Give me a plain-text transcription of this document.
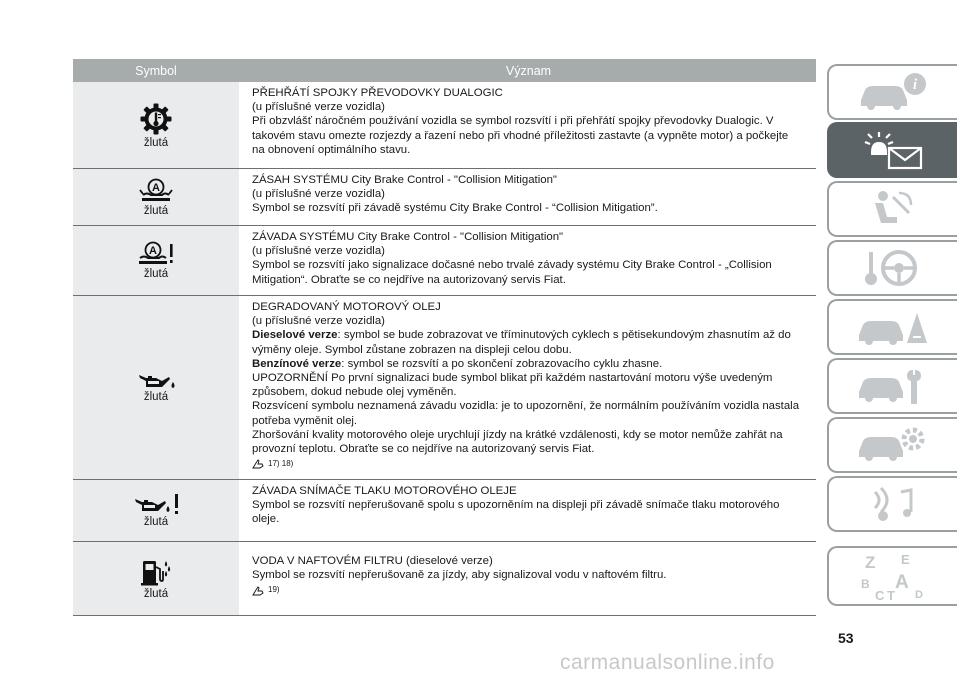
Symbol	Význam
žlutá
PŘEHŘÁTÍ SPOJKY PŘEVODOVKY DUALOGIC
(u příslušné verze vozidla)
Při obzvlášť náročném používání vozidla se symbol rozsvítí i při přehřátí spojky převodovky Dualogic. V
takovém stavu omezte rozjezdy a řazení nebo při vhodné příležitosti zastavte (a vypněte motor) a počkejte
na obnovení optimálního stavu.
A
žlutá
ZÁSAH SYSTÉMU City Brake Control - "Collision Mitigation"
(u příslušné verze vozidla)
Symbol se rozsvítí při závadě systému City Brake Control - “Collision Mitigation”.
A
žlutá
ZÁVADA SYSTÉMU City Brake Control - "Collision Mitigation"
(u příslušné verze vozidla)
Symbol se rozsvítí jako signalizace dočasné nebo trvalé závady systému City Brake Control - „Collision
Mitigation“. Obraťte se co nejdříve na autorizovaný servis Fiat.
žlutá
DEGRADOVANÝ MOTOROVÝ OLEJ
(u příslušné verze vozidla)
Dieselové verze: symbol se bude zobrazovat ve tříminutových cyklech s pětisekundovým zhasnutím až do
výměny oleje. Symbol zůstane zobrazen na displeji celou dobu.
Benzínové verze: symbol se rozsvítí a po skončení zobrazovacího cyklu zhasne.
UPOZORNĚNÍ Po první signalizaci bude symbol blikat při každém nastartování motoru výše uvedeným
způsobem, dokud nebude olej vyměněn.
Rozsvícení symbolu neznamená závadu vozidla: je to upozornění, že normálním používáním vozidla nastala
potřeba vyměnit olej.
Zhoršování kvality motorového oleje urychlují jízdy na krátké vzdálenosti, kdy se motor nemůže zahřát na
provozní teplotu. Obraťte se co nejdříve na autorizovaný servis Fiat.
17) 18)
žlutá
ZÁVADA SNÍMAČE TLAKU MOTOROVÉHO OLEJE
Symbol se rozsvítí nepřerušovaně spolu s upozorněním na displeji při závadě snímače tlaku motorového
oleje.
žlutá
VODA V NAFTOVÉM FILTRU (dieselové verze)
Symbol se rozsvítí nepřerušovaně za jízdy, aby signalizoval vodu v naftovém filtru.
19)
i
Z E
B A
C T D
53
carmanualsonline.info
